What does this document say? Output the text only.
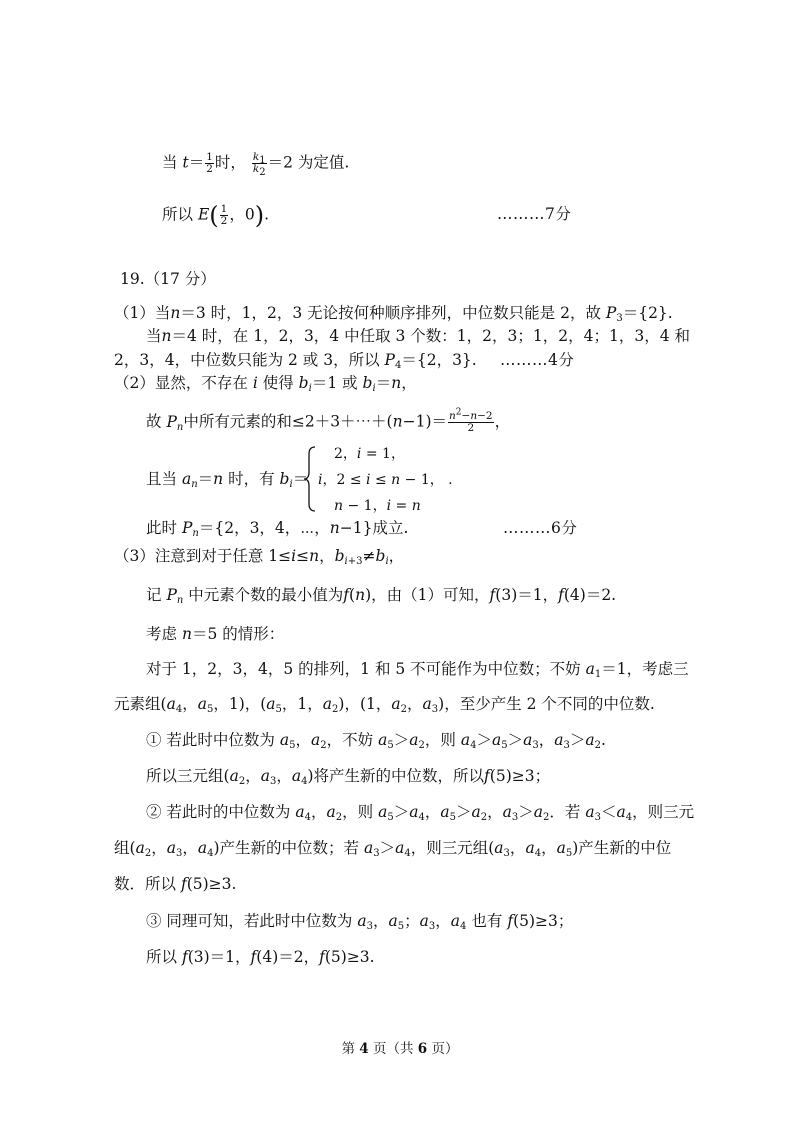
当 $t= \frac{1}{2}$ 时， $\frac{k_1}{k_2} =2$ 为定值.
所以 $E( \frac{1}{2}$ ，0).	………7分
19.（17 分）
（1）当n＝3 时，1，2，3 无论按何种顺序排列，中位数只能是 2，故 $P_3=\{2\}$.
当n＝4 时，在 1，2，3，4 中任取 3 个数：1，2，3；1，2，4；1，3，4 和
2，3，4，中位数只能为 2 或 3，所以 $P_4=\{2$，3}. ………4分
（2）显然，不存在 i 使得 $b_i=1$ 或 $b_i=n$，
故 $P_n$中所有元素的和≤2＋3＋⋯＋(n−1)＝ $\frac{n^2-n-2}{2}$ ，
且当 $a_n=n$ 时，有 $b_i=$
2，i = 1，
i，2 ≤ i ≤ n − 1， .
n − 1，i = n
此时 $P_n=\{2$，3，4，⋯，n−1}成立.	………6分
（3）注意到对于任意 1≤i≤n，$b_{i+3}\ne b_i$，
记 $P_n$ 中元素个数的最小值为f(n)，由（1）可知，f(3)＝1，f(4)＝2.
考虑 n＝5 的情形：
对于 1，2，3，4，5 的排列，1 和 5 不可能作为中位数；不妨 $a_1=1$，考虑三
元素组($a_4$，$a_5$，1)，($a_5$，1，$a_2$)，(1，$a_2$，$a_3$)，至少产生 2 个不同的中位数.
① 若此时中位数为 $a_5$，$a_2$，不妨 $a_5>a_2$，则 $a_4>a_5>a_3$，$a_3>a_2$.
所以三元组($a_2$，$a_3$，$a_4$)将产生新的中位数，所以f(5)≥3；
② 若此时的中位数为 $a_4$，$a_2$，则 $a_5>a_4$，$a_5>a_2$，$a_3>a_2$．若 $a_3<a_4$，则三元
组($a_2$，$a_3$，$a_4$)产生新的中位数；若 $a_3>a_4$，则三元组($a_3$，$a_4$，$a_5$)产生新的中位
数．所以 f(5)≥3.
③ 同理可知，若此时中位数为 $a_3$，$a_5$；$a_3$，$a_4$ 也有 f(5)≥3；
所以 f(3)＝1，f(4)＝2，f(5)≥3.
第 4 页（共 6 页）
